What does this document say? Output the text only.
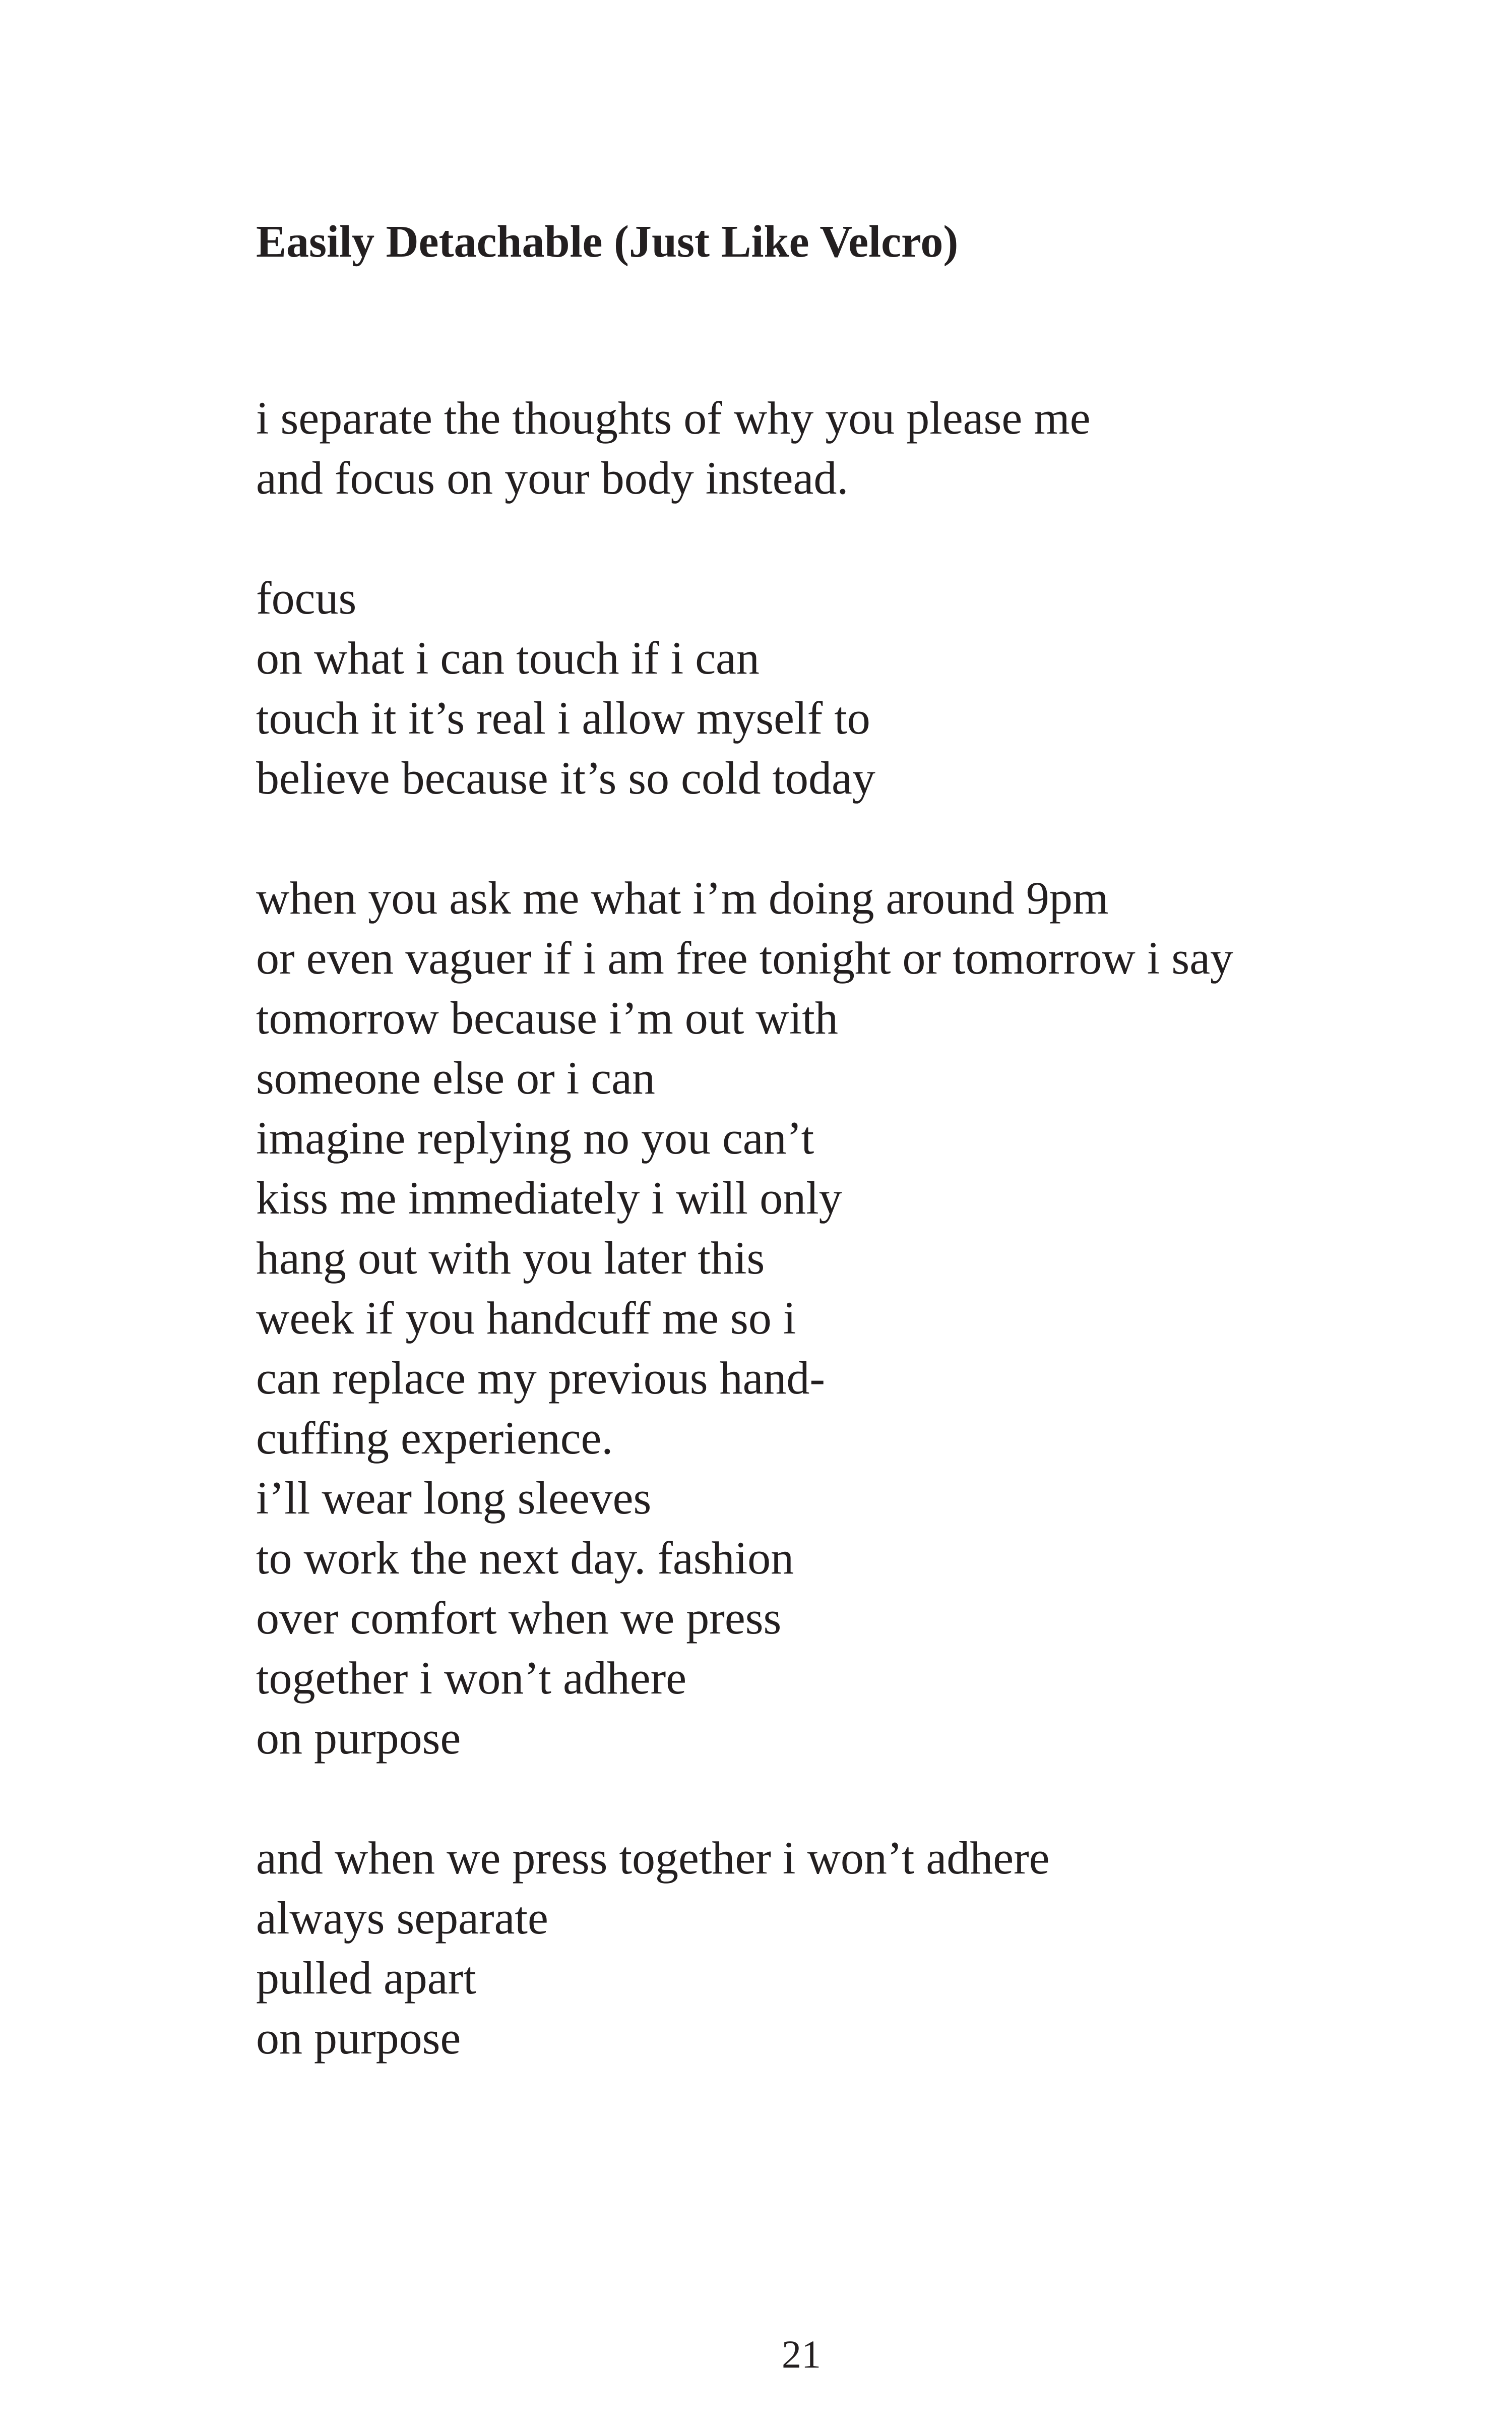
Easily Detachable (Just Like Velcro)
i separate the thoughts of why you please me
and focus on your body instead.
focus
on what i can touch if i can
touch it it’s real i allow myself to
believe because it’s so cold today
when you ask me what i’m doing around 9pm
or even vaguer if i am free tonight or tomorrow i say
tomorrow because i’m out with
someone else or i can
imagine replying no you can’t
kiss me immediately i will only
hang out with you later this
week if you handcuff me so i
can replace my previous hand-
cuffing experience.
i’ll wear long sleeves
to work the next day. fashion
over comfort when we press
together i won’t adhere
on purpose
and when we press together i won’t adhere
always separate
pulled apart
on purpose
21
